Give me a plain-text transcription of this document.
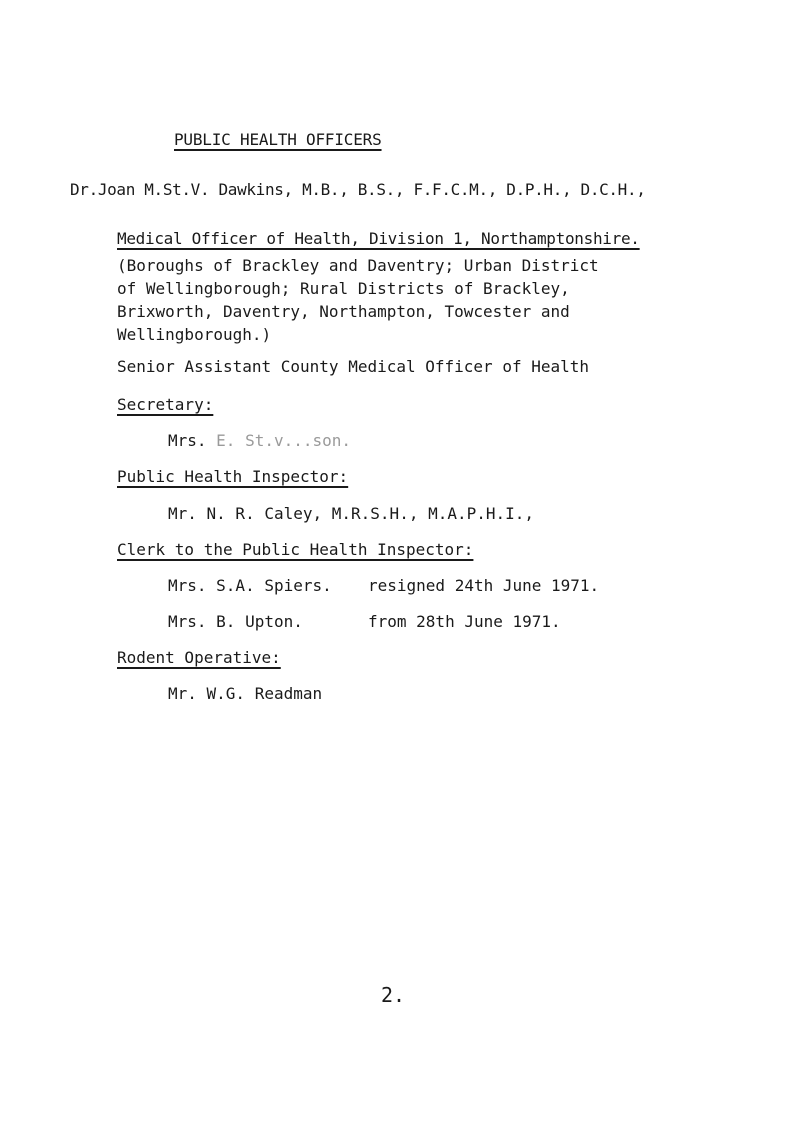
PUBLIC HEALTH OFFICERS
Dr.Joan M.St.V. Dawkins, M.B., B.S., F.F.C.M., D.P.H., D.C.H.,
Medical Officer of Health, Division 1, Northamptonshire.
(Boroughs of Brackley and Daventry; Urban District
of Wellingborough; Rural Districts of Brackley,
Brixworth, Daventry, Northampton, Towcester and
Wellingborough.)
Senior Assistant County Medical Officer of Health
Secretary:
Mrs. E. St.v...son.
Public Health Inspector:
Mr. N. R. Caley, M.R.S.H., M.A.P.H.I.,
Clerk to the Public Health Inspector:
Mrs. S.A. Spiers. resigned 24th June 1971.
Mrs. B. Upton.	from 28th June 1971.
Rodent Operative:
Mr. W.G. Readman
2.
